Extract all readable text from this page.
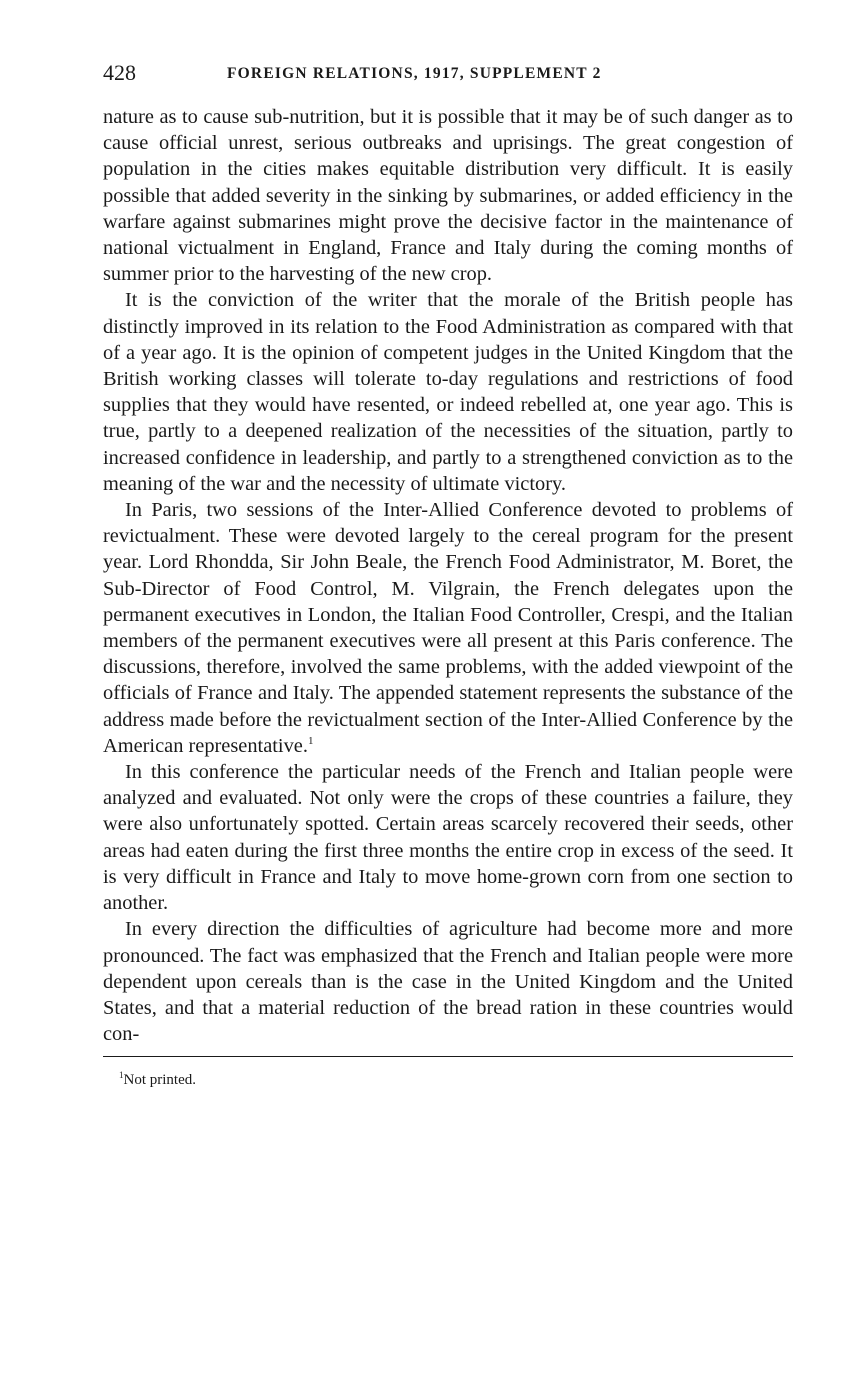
428	FOREIGN RELATIONS, 1917, SUPPLEMENT 2

nature as to cause sub-nutrition, but it is possible that it may be of such danger as to cause official unrest, serious outbreaks and uprisings. The great congestion of population in the cities makes equitable distribution very difficult. It is easily possible that added severity in the sinking by submarines, or added efficiency in the warfare against submarines might prove the decisive factor in the maintenance of national victualment in England, France and Italy during the coming months of summer prior to the harvesting of the new crop.

It is the conviction of the writer that the morale of the British people has distinctly improved in its relation to the Food Administration as compared with that of a year ago. It is the opinion of competent judges in the United Kingdom that the British working classes will tolerate to-day regulations and restrictions of food supplies that they would have resented, or indeed rebelled at, one year ago. This is true, partly to a deepened realization of the necessities of the situation, partly to increased confidence in leadership, and partly to a strengthened conviction as to the meaning of the war and the necessity of ultimate victory.

In Paris, two sessions of the Inter-Allied Conference devoted to problems of revictualment. These were devoted largely to the cereal program for the present year. Lord Rhondda, Sir John Beale, the French Food Administrator, M. Boret, the Sub-Director of Food Control, M. Vilgrain, the French delegates upon the permanent executives in London, the Italian Food Controller, Crespi, and the Italian members of the permanent executives were all present at this Paris conference. The discussions, therefore, involved the same problems, with the added viewpoint of the officials of France and Italy. The appended statement represents the substance of the address made before the revictualment section of the Inter-Allied Conference by the American representative.$^1$

In this conference the particular needs of the French and Italian people were analyzed and evaluated. Not only were the crops of these countries a failure, they were also unfortunately spotted. Certain areas scarcely recovered their seeds, other areas had eaten during the first three months the entire crop in excess of the seed. It is very difficult in France and Italy to move home-grown corn from one section to another.

In every direction the difficulties of agriculture had become more and more pronounced. The fact was emphasized that the French and Italian people were more dependent upon cereals than is the case in the United Kingdom and the United States, and that a material reduction of the bread ration in these countries would con-

$^1$Not printed.
